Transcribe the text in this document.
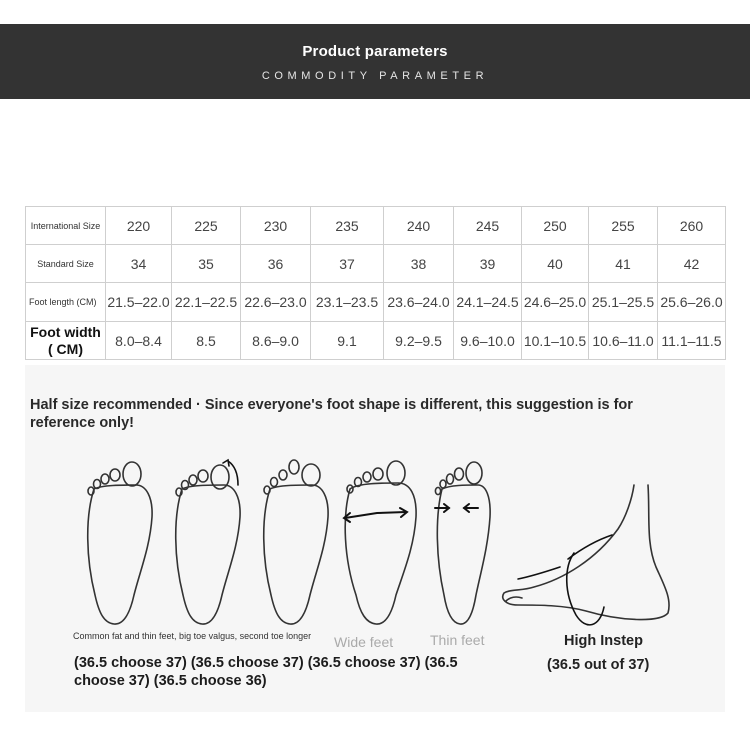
Product parameters
COMMODITY PARAMETER
International Size	220	225	230	235	240	245	250	255	260
Standard Size	34	35	36	37	38	39	40	41	42
Foot length (CM)	21.5–22.0	22.1–22.5	22.6–23.0	23.1–23.5	23.6–24.0	24.1–24.5	24.6–25.0	25.1–25.5	25.6–26.0
Foot width ( CM)	8.0–8.4	8.5	8.6–9.0	9.1	9.2–9.5	9.6–10.0	10.1–10.5	10.6–11.0	11.1–11.5
Half size recommended · Since everyone's foot shape is different, this suggestion is for reference only!
Common fat and thin feet, big toe valgus, second toe longer
(36.5 choose 37) (36.5 choose 37) (36.5 choose 37) (36.5 choose 37) (36.5 choose 36)
Wide feet	Thin feet	High Instep
(36.5 out of 37)
